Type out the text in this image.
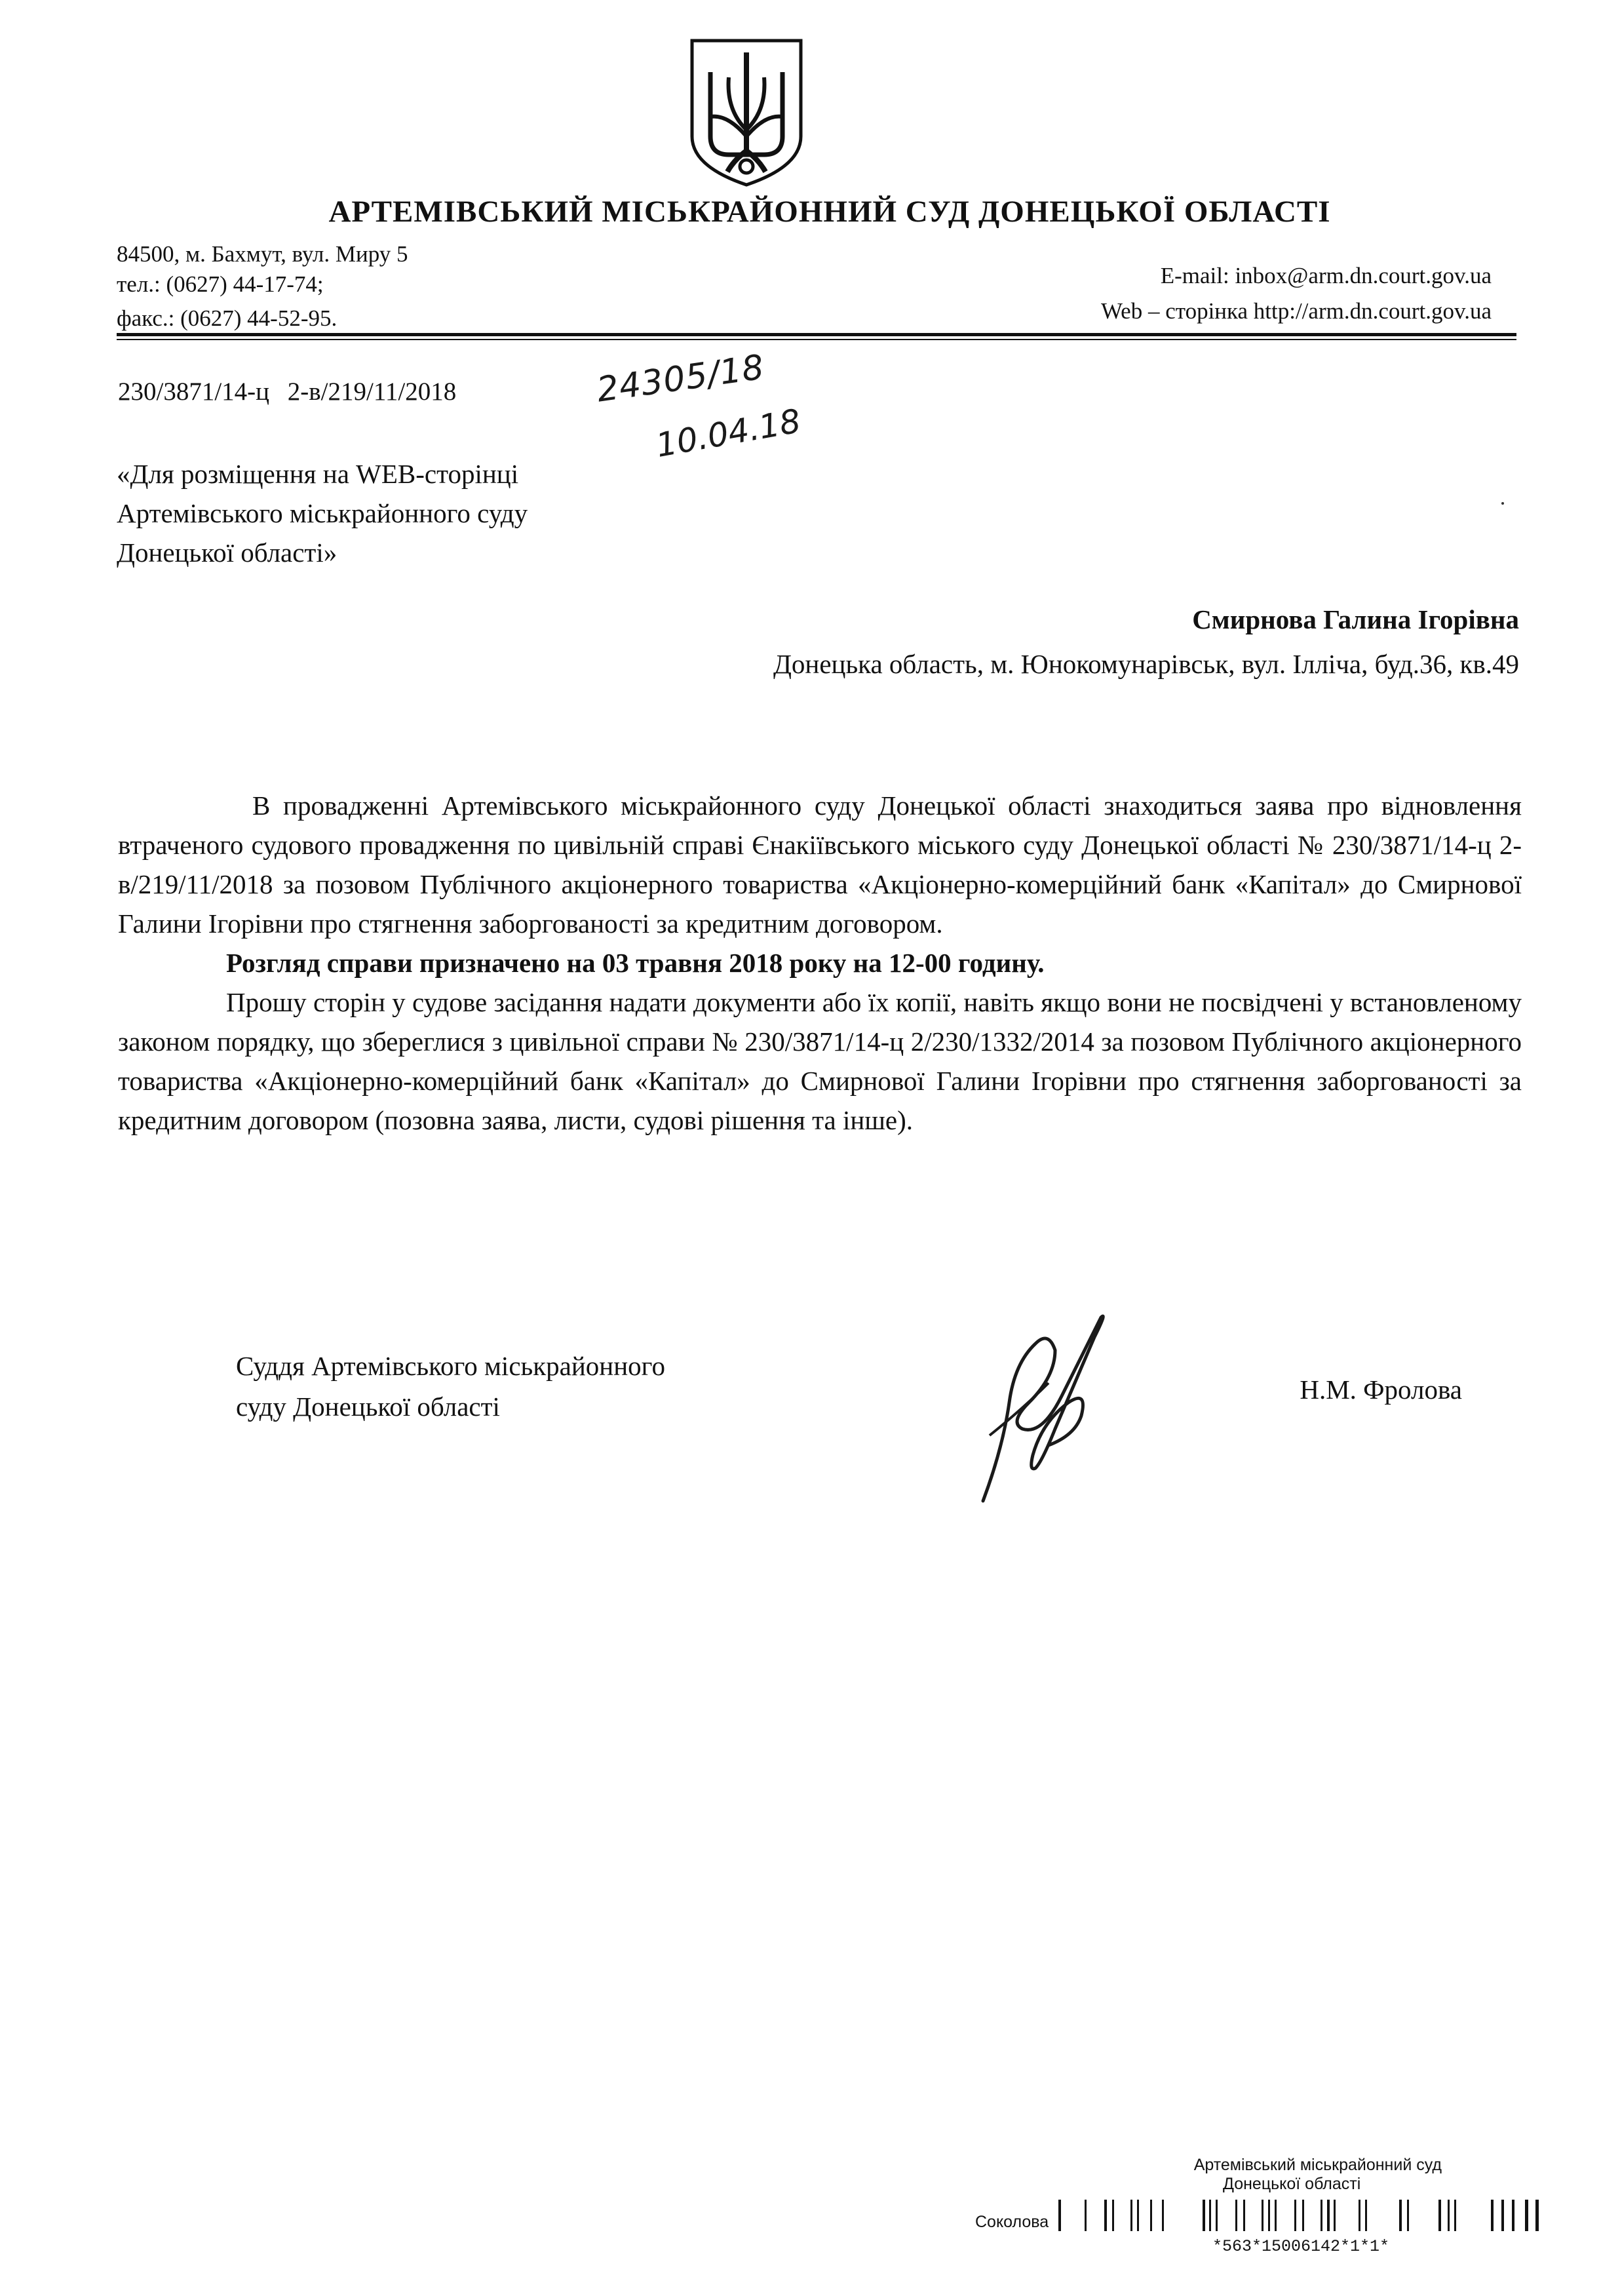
АРТЕМІВСЬКИЙ МІСЬКРАЙОННИЙ СУД ДОНЕЦЬКОЇ ОБЛАСТІ
84500, м. Бахмут, вул. Миру 5
тел.: (0627) 44-17-74;
факс.: (0627) 44-52-95.
E-mail: inbox@arm.dn.court.gov.ua
Web – сторінка http://arm.dn.court.gov.ua
230/3871/14-ц 2-в/219/11/2018	24305/18
10.04.18
«Для розміщення на WEB-сторінці
Артемівського міськрайонного суду
Донецької області»
Смирнова Галина Ігорівна
Донецька область, м. Юнокомунарівськ, вул. Ілліча, буд.36, кв.49

В провадженні Артемівського міськрайонного суду Донецької області знаходиться заява про відновлення втраченого судового провадження по цивільній справі Єнакіївського міського суду Донецької області № 230/3871/14-ц 2-в/219/11/2018 за позовом Публічного акціонерного товариства «Акціонерно-комерційний банк «Капітал» до Смирнової Галини Ігорівни про стягнення заборгованості за кредитним договором.

Розгляд справи призначено на 03 травня 2018 року на 12-00 годину.

Прошу сторін у судове засідання надати документи або їх копії, навіть якщо вони не посвідчені у встановленому законом порядку, що збереглися з цивільної справи № 230/3871/14-ц 2/230/1332/2014 за позовом Публічного акціонерного товариства «Акціонерно-комерційний банк «Капітал» до Смирнової Галини Ігорівни про стягнення заборгованості за кредитним договором (позовна заява, листи, судові рішення та інше).

Суддя Артемівського міськрайонного
суду Донецької області
Н.М. Фролова
Артемівський міськрайонний суд
Донецької області
Соколова
*563*15006142*1*1*
